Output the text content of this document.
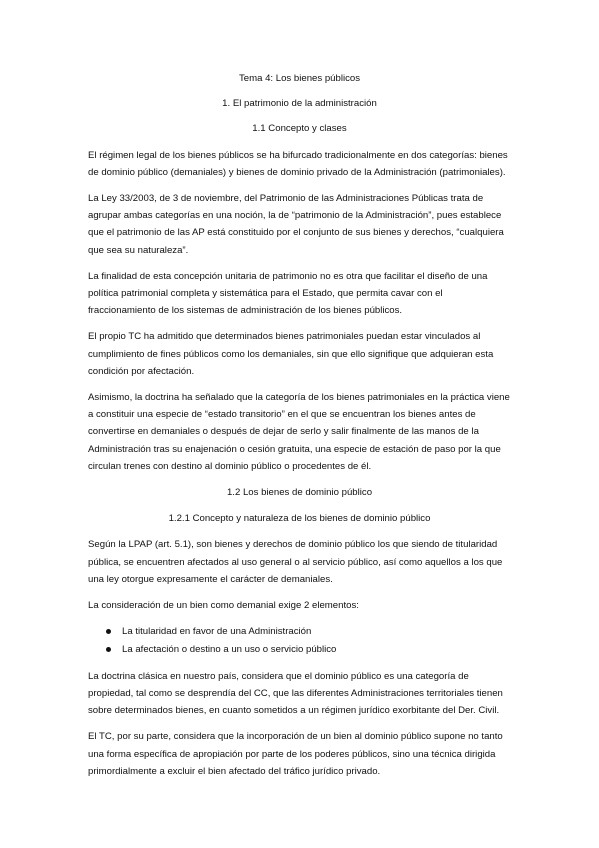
Tema 4: Los bienes públicos

1. El patrimonio de la administración

1.1 Concepto y clases

El régimen legal de los bienes públicos se ha bifurcado tradicionalmente en dos categorías: bienes de dominio público (demaniales) y bienes de dominio privado de la Administración (patrimoniales).

La Ley 33/2003, de 3 de noviembre, del Patrimonio de las Administraciones Públicas trata de agrupar ambas categorías en una noción, la de “patrimonio de la Administración”, pues establece que el patrimonio de las AP está constituido por el conjunto de sus bienes y derechos, “cualquiera que sea su naturaleza”.

La finalidad de esta concepción unitaria de patrimonio no es otra que facilitar el diseño de una política patrimonial completa y sistemática para el Estado, que permita cavar con el fraccionamiento de los sistemas de administración de los bienes públicos.

El propio TC ha admitido que determinados bienes patrimoniales puedan estar vinculados al cumplimiento de fines públicos como los demaniales, sin que ello signifique que adquieran esta condición por afectación.

Asimismo, la doctrina ha señalado que la categoría de los bienes patrimoniales en la práctica viene a constituir una especie de “estado transitorio” en el que se encuentran los bienes antes de convertirse en demaniales o después de dejar de serlo y salir finalmente de las manos de la Administración tras su enajenación o cesión gratuita, una especie de estación de paso por la que circulan trenes con destino al dominio público o procedentes de él.

1.2 Los bienes de dominio público

1.2.1 Concepto y naturaleza de los bienes de dominio público

Según la LPAP (art. 5.1), son bienes y derechos de dominio público los que siendo de titularidad pública, se encuentren afectados al uso general o al servicio público, así como aquellos a los que una ley otorgue expresamente el carácter de demaniales.

La consideración de un bien como demanial exige 2 elementos:

La titularidad en favor de una Administración
La afectación o destino a un uso o servicio público

La doctrina clásica en nuestro país, considera que el dominio público es una categoría de propiedad, tal como se desprendía del CC, que las diferentes Administraciones territoriales tienen sobre determinados bienes, en cuanto sometidos a un régimen jurídico exorbitante del Der. Civil.

El TC, por su parte, considera que la incorporación de un bien al dominio público supone no tanto una forma específica de apropiación por parte de los poderes públicos, sino una técnica dirigida primordialmente a excluir el bien afectado del tráfico jurídico privado.
